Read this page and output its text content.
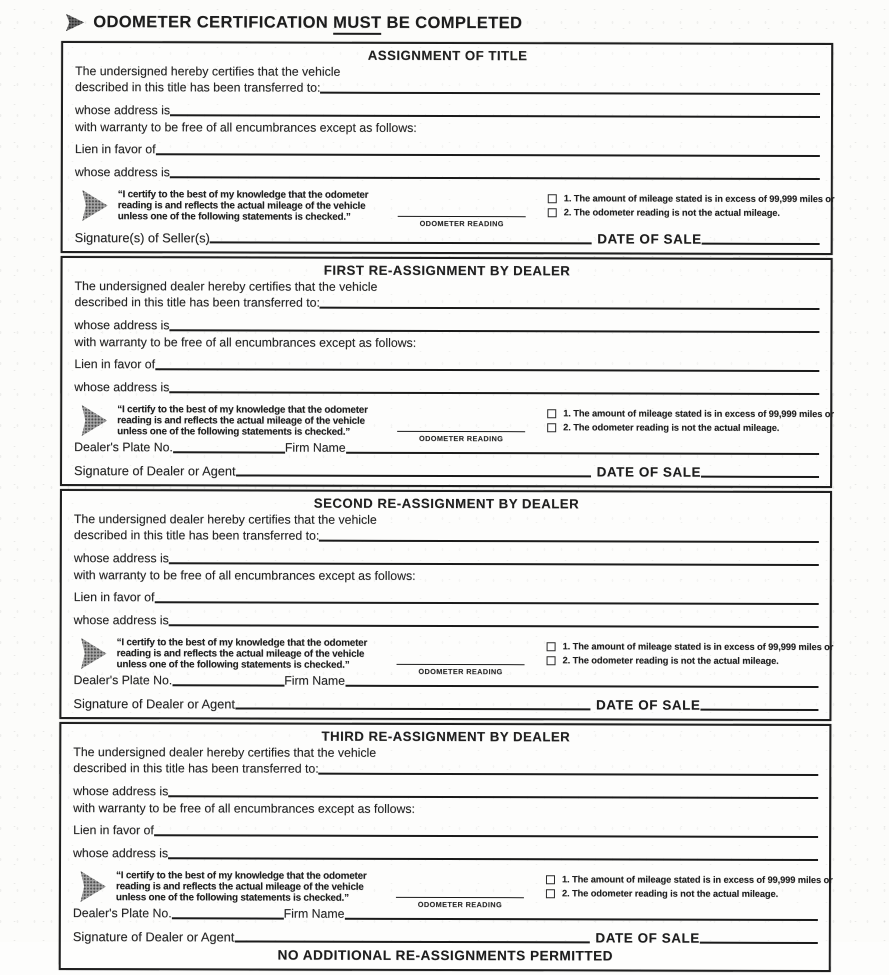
ODOMETER CERTIFICATION MUST BE COMPLETED
ASSIGNMENT OF TITLE
The undersigned hereby certifies that the vehicle
described in this title has been transferred to:
whose address is
with warranty to be free of all encumbrances except as follows:
Lien in favor of
whose address is
“I certify to the best of my knowledge that the odometer
reading is and reflects the actual mileage of the vehicle
unless one of the following statements is checked.”
ODOMETER READING
1. The amount of mileage stated is in excess of 99,999 miles or
2. The odometer reading is not the actual mileage.
Signature(s) of Seller(s)	DATE OF SALE
FIRST RE-ASSIGNMENT BY DEALER
The undersigned dealer hereby certifies that the vehicle
described in this title has been transferred to:
whose address is
with warranty to be free of all encumbrances except as follows:
Lien in favor of
whose address is
“I certify to the best of my knowledge that the odometer
reading is and reflects the actual mileage of the vehicle
unless one of the following statements is checked.”
ODOMETER READING
1. The amount of mileage stated is in excess of 99,999 miles or
2. The odometer reading is not the actual mileage.
Dealer's Plate No.	Firm Name
Signature of Dealer or Agent	DATE OF SALE
SECOND RE-ASSIGNMENT BY DEALER
The undersigned dealer hereby certifies that the vehicle
described in this title has been transferred to:
whose address is
with warranty to be free of all encumbrances except as follows:
Lien in favor of
whose address is
“I certify to the best of my knowledge that the odometer
reading is and reflects the actual mileage of the vehicle
unless one of the following statements is checked.”
ODOMETER READING
1. The amount of mileage stated is in excess of 99,999 miles or
2. The odometer reading is not the actual mileage.
Dealer's Plate No.	Firm Name
Signature of Dealer or Agent	DATE OF SALE
THIRD RE-ASSIGNMENT BY DEALER
The undersigned dealer hereby certifies that the vehicle
described in this title has been transferred to:
whose address is
with warranty to be free of all encumbrances except as follows:
Lien in favor of
whose address is
“I certify to the best of my knowledge that the odometer
reading is and reflects the actual mileage of the vehicle
unless one of the following statements is checked.”
ODOMETER READING
1. The amount of mileage stated is in excess of 99,999 miles or
2. The odometer reading is not the actual mileage.
Dealer's Plate No.	Firm Name
Signature of Dealer or Agent	DATE OF SALE
NO ADDITIONAL RE-ASSIGNMENTS PERMITTED
